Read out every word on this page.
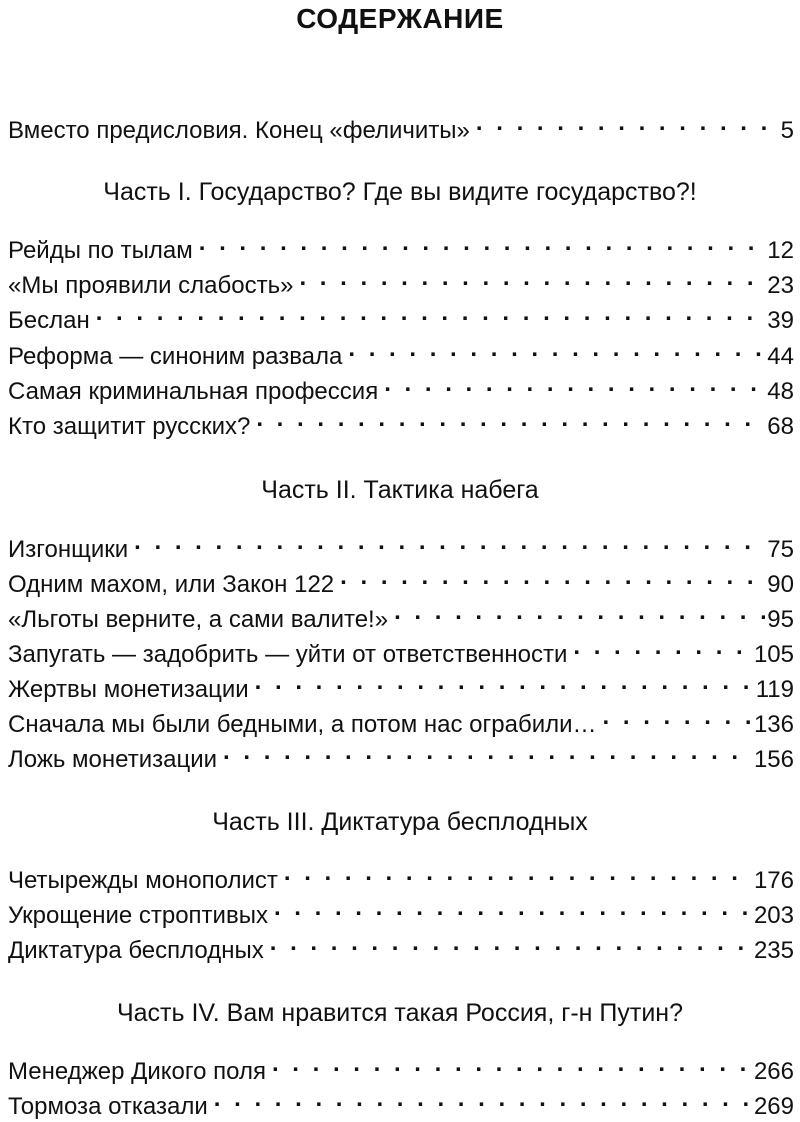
СОДЕРЖАНИЕ
Вместо предисловия. Конец «феличиты» . . .	5
Часть I. Государство? Где вы видите государство?!
Рейды по тылам . . .	12
«Мы проявили слабость» . . .	23
Беслан . . .	39
Реформа — синоним развала . . .	44
Самая криминальная профессия . . .	48
Кто защитит русских? . . .	68
Часть II. Тактика набега
Изгонщики . . .	75
Одним махом, или Закон 122 . . .	90
«Льготы верните, а сами валите!» . . .	95
Запугать — задобрить — уйти от ответственности . . .	105
Жертвы монетизации . . .	119
Сначала мы были бедными, а потом нас ограбили… . . .	136
Ложь монетизации . . .	156
Часть III. Диктатура бесплодных
Четырежды монополист . . .	176
Укрощение строптивых . . .	203
Диктатура бесплодных . . .	235
Часть IV. Вам нравится такая Россия, г-н Путин?
Менеджер Дикого поля . . .	266
Тормоза отказали . . .	269
